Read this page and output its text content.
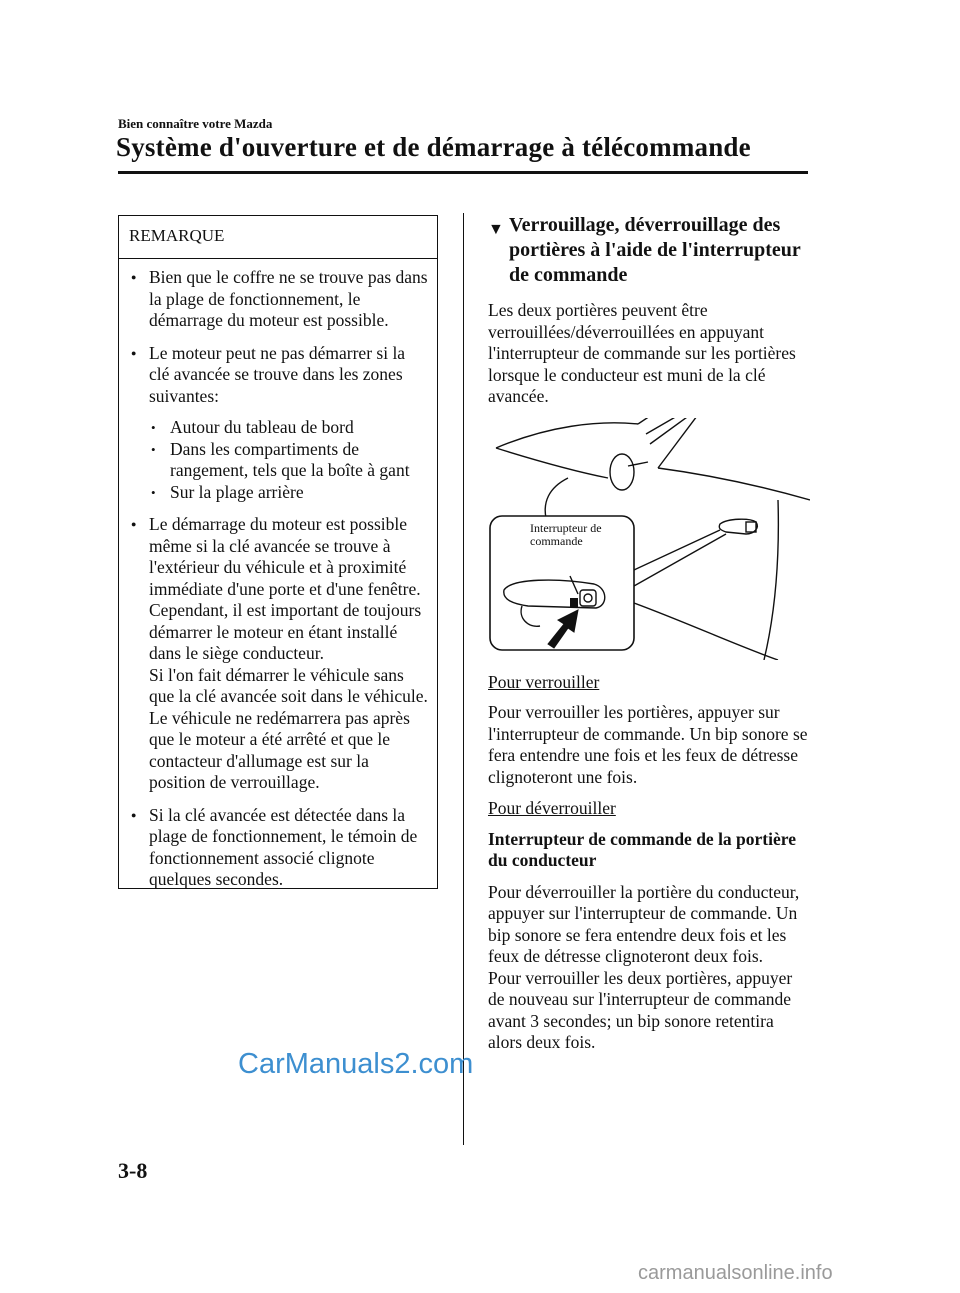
Bien connaître votre Mazda
Système d'ouverture et de démarrage à télécommande
REMARQUE
● Bien que le coffre ne se trouve pas dans la plage de fonctionnement, le démarrage du moteur est possible.
● Le moteur peut ne pas démarrer si la clé avancée se trouve dans les zones suivantes:
• Autour du tableau de bord
• Dans les compartiments de rangement, tels que la boîte à gant
• Sur la plage arrière

● Le démarrage du moteur est possible même si la clé avancée se trouve à l'extérieur du véhicule et à proximité immédiate d'une porte et d'une fenêtre. Cependant, il est important de toujours démarrer le moteur en étant installé dans le siège conducteur.

Si l'on fait démarrer le véhicule sans que la clé avancée soit dans le véhicule. Le véhicule ne redémarrera pas après que le moteur a été arrêté et que le contacteur d'allumage est sur la position de verrouillage.

● Si la clé avancée est détectée dans la plage de fonctionnement, le témoin de fonctionnement associé clignote quelques secondes.
▼ Verrouillage, déverrouillage des portières à l'aide de l'interrupteur de commande

Les deux portières peuvent être verrouillées/déverrouillées en appuyant l'interrupteur de commande sur les portières lorsque le conducteur est muni de la clé avancée.

Interrupteur de commande
Pour verrouiller

Pour verrouiller les portières, appuyer sur l'interrupteur de commande. Un bip sonore se fera entendre une fois et les feux de détresse clignoteront une fois.

Pour déverrouiller

Interrupteur de commande de la portière du conducteur

Pour déverrouiller la portière du conducteur, appuyer sur l'interrupteur de commande. Un bip sonore se fera entendre deux fois et les feux de détresse clignoteront deux fois.

Pour verrouiller les deux portières, appuyer de nouveau sur l'interrupteur de commande avant 3 secondes; un bip sonore retentira alors deux fois.

CarManuals2.com
3-8
carmanualsonline.info
